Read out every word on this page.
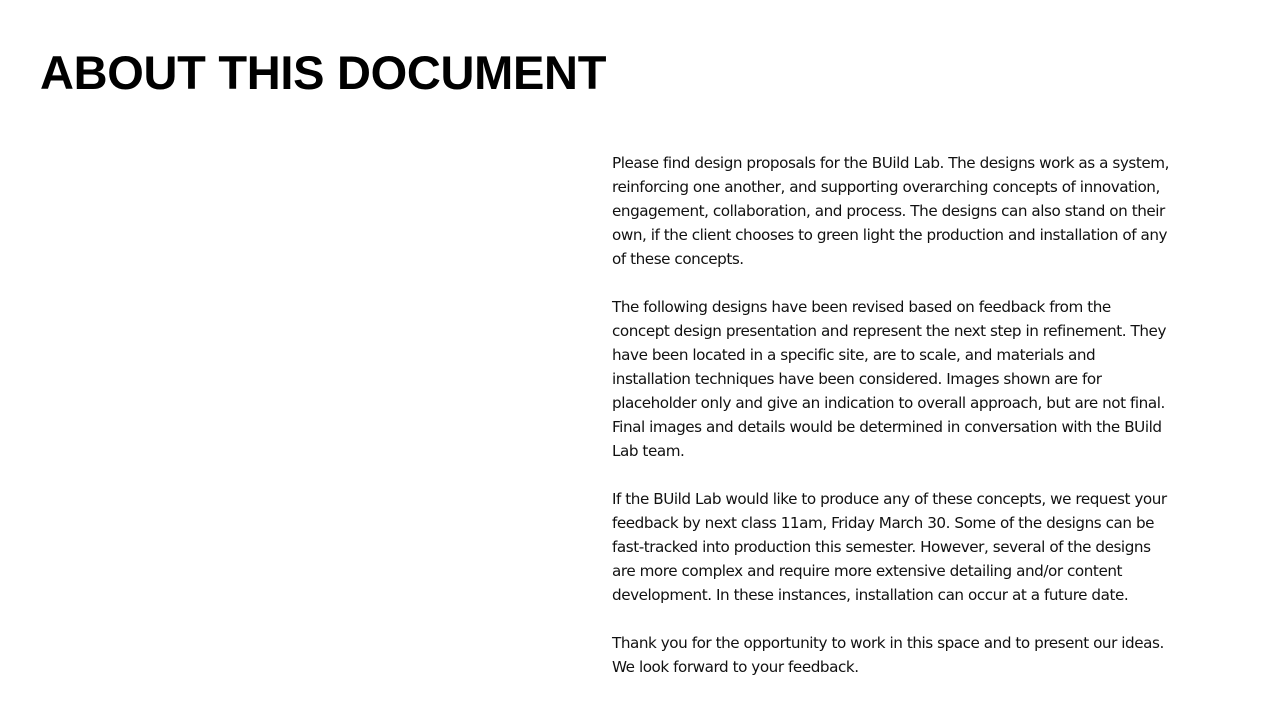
ABOUT THIS DOCUMENT

Please find design proposals for the BUild Lab. The designs work as a system,
reinforcing one another, and supporting overarching concepts of innovation,
engagement, collaboration, and process. The designs can also stand on their
own, if the client chooses to green light the production and installation of any
of these concepts.

The following designs have been revised based on feedback from the
concept design presentation and represent the next step in refinement. They
have been located in a specific site, are to scale, and materials and
installation techniques have been considered. Images shown are for
placeholder only and give an indication to overall approach, but are not final.
Final images and details would be determined in conversation with the BUild
Lab team.

If the BUild Lab would like to produce any of these concepts, we request your
feedback by next class 11am, Friday March 30. Some of the designs can be
fast-tracked into production this semester. However, several of the designs
are more complex and require more extensive detailing and/or content
development. In these instances, installation can occur at a future date.

Thank you for the opportunity to work in this space and to present our ideas.
We look forward to your feedback.
